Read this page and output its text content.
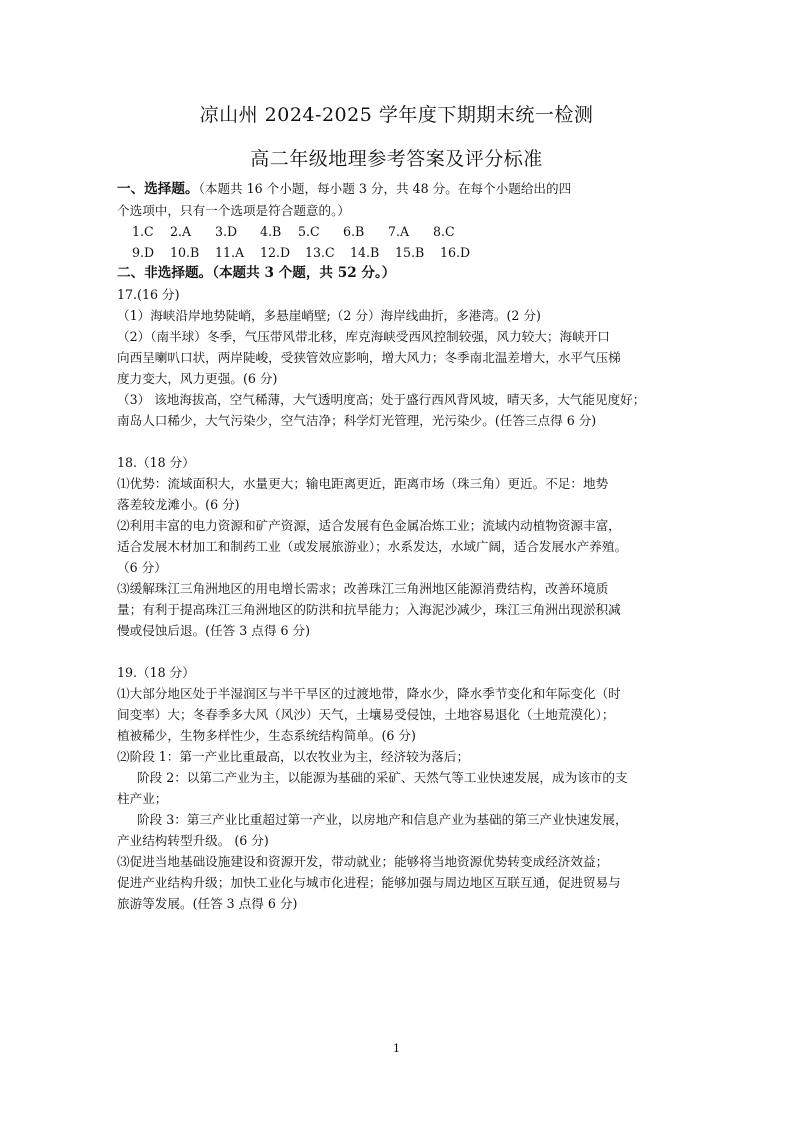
凉山州 2024-2025 学年度下期期末统一检测
高二年级地理参考答案及评分标准

一、选择题。（本题共 16 个小题，每小题 3 分，共 48 分。在每个小题给出的四

个选项中，只有一个选项是符合题意的。）

1.C	2.A	3.D	4.B	5.C	6.B	7.A	8.C
9.D	10.B	11.A	12.D	13.C	14.B	15.B	16.D

二、非选择题。（本题共 3 个题，共 52 分。）

17.(16 分)

（1）海峡沿岸地势陡峭，多悬崖峭壁;（2 分）海岸线曲折，多港湾。(2 分)

（2）（南半球）冬季，气压带风带北移，库克海峡受西风控制较强，风力较大；海峡开口

向西呈喇叭口状，两岸陡峻，受狭管效应影响，增大风力；冬季南北温差增大，水平气压梯

度力变大，风力更强。(6 分)

（3） 该地海拔高，空气稀薄，大气透明度高；处于盛行西风背风坡，晴天多，大气能见度好；

南岛人口稀少，大气污染少，空气洁净；科学灯光管理，光污染少。(任答三点得 6 分)

18.（18 分）

⑴优势：流域面积大，水量更大；输电距离更近，距离市场（珠三角）更近。不足：地势

落差较龙滩小。(6 分)

⑵利用丰富的电力资源和矿产资源，适合发展有色金属冶炼工业；流域内动植物资源丰富，

适合发展木材加工和制药工业（或发展旅游业）；水系发达，水域广阔，适合发展水产养殖。

（6 分）

⑶缓解珠江三角洲地区的用电增长需求；改善珠江三角洲地区能源消费结构，改善环境质

量；有利于提高珠江三角洲地区的防洪和抗旱能力；入海泥沙减少，珠江三角洲出现淤积减

慢或侵蚀后退。(任答 3 点得 6 分)

19.（18 分）

⑴大部分地区处于半湿润区与半干旱区的过渡地带，降水少，降水季节变化和年际变化（时

间变率）大；冬春季多大风（风沙）天气，土壤易受侵蚀，土地容易退化（土地荒漠化）；

植被稀少，生物多样性少，生态系统结构简单。(6 分)

⑵阶段 1：第一产业比重最高，以农牧业为主，经济较为落后；

阶段 2：以第二产业为主，以能源为基础的采矿、天然气等工业快速发展，成为该市的支

柱产业；

阶段 3：第三产业比重超过第一产业，以房地产和信息产业为基础的第三产业快速发展，

产业结构转型升级。 (6 分)

⑶促进当地基础设施建设和资源开发，带动就业；能够将当地资源优势转变成经济效益；

促进产业结构升级；加快工业化与城市化进程；能够加强与周边地区互联互通，促进贸易与

旅游等发展。(任答 3 点得 6 分)

1
